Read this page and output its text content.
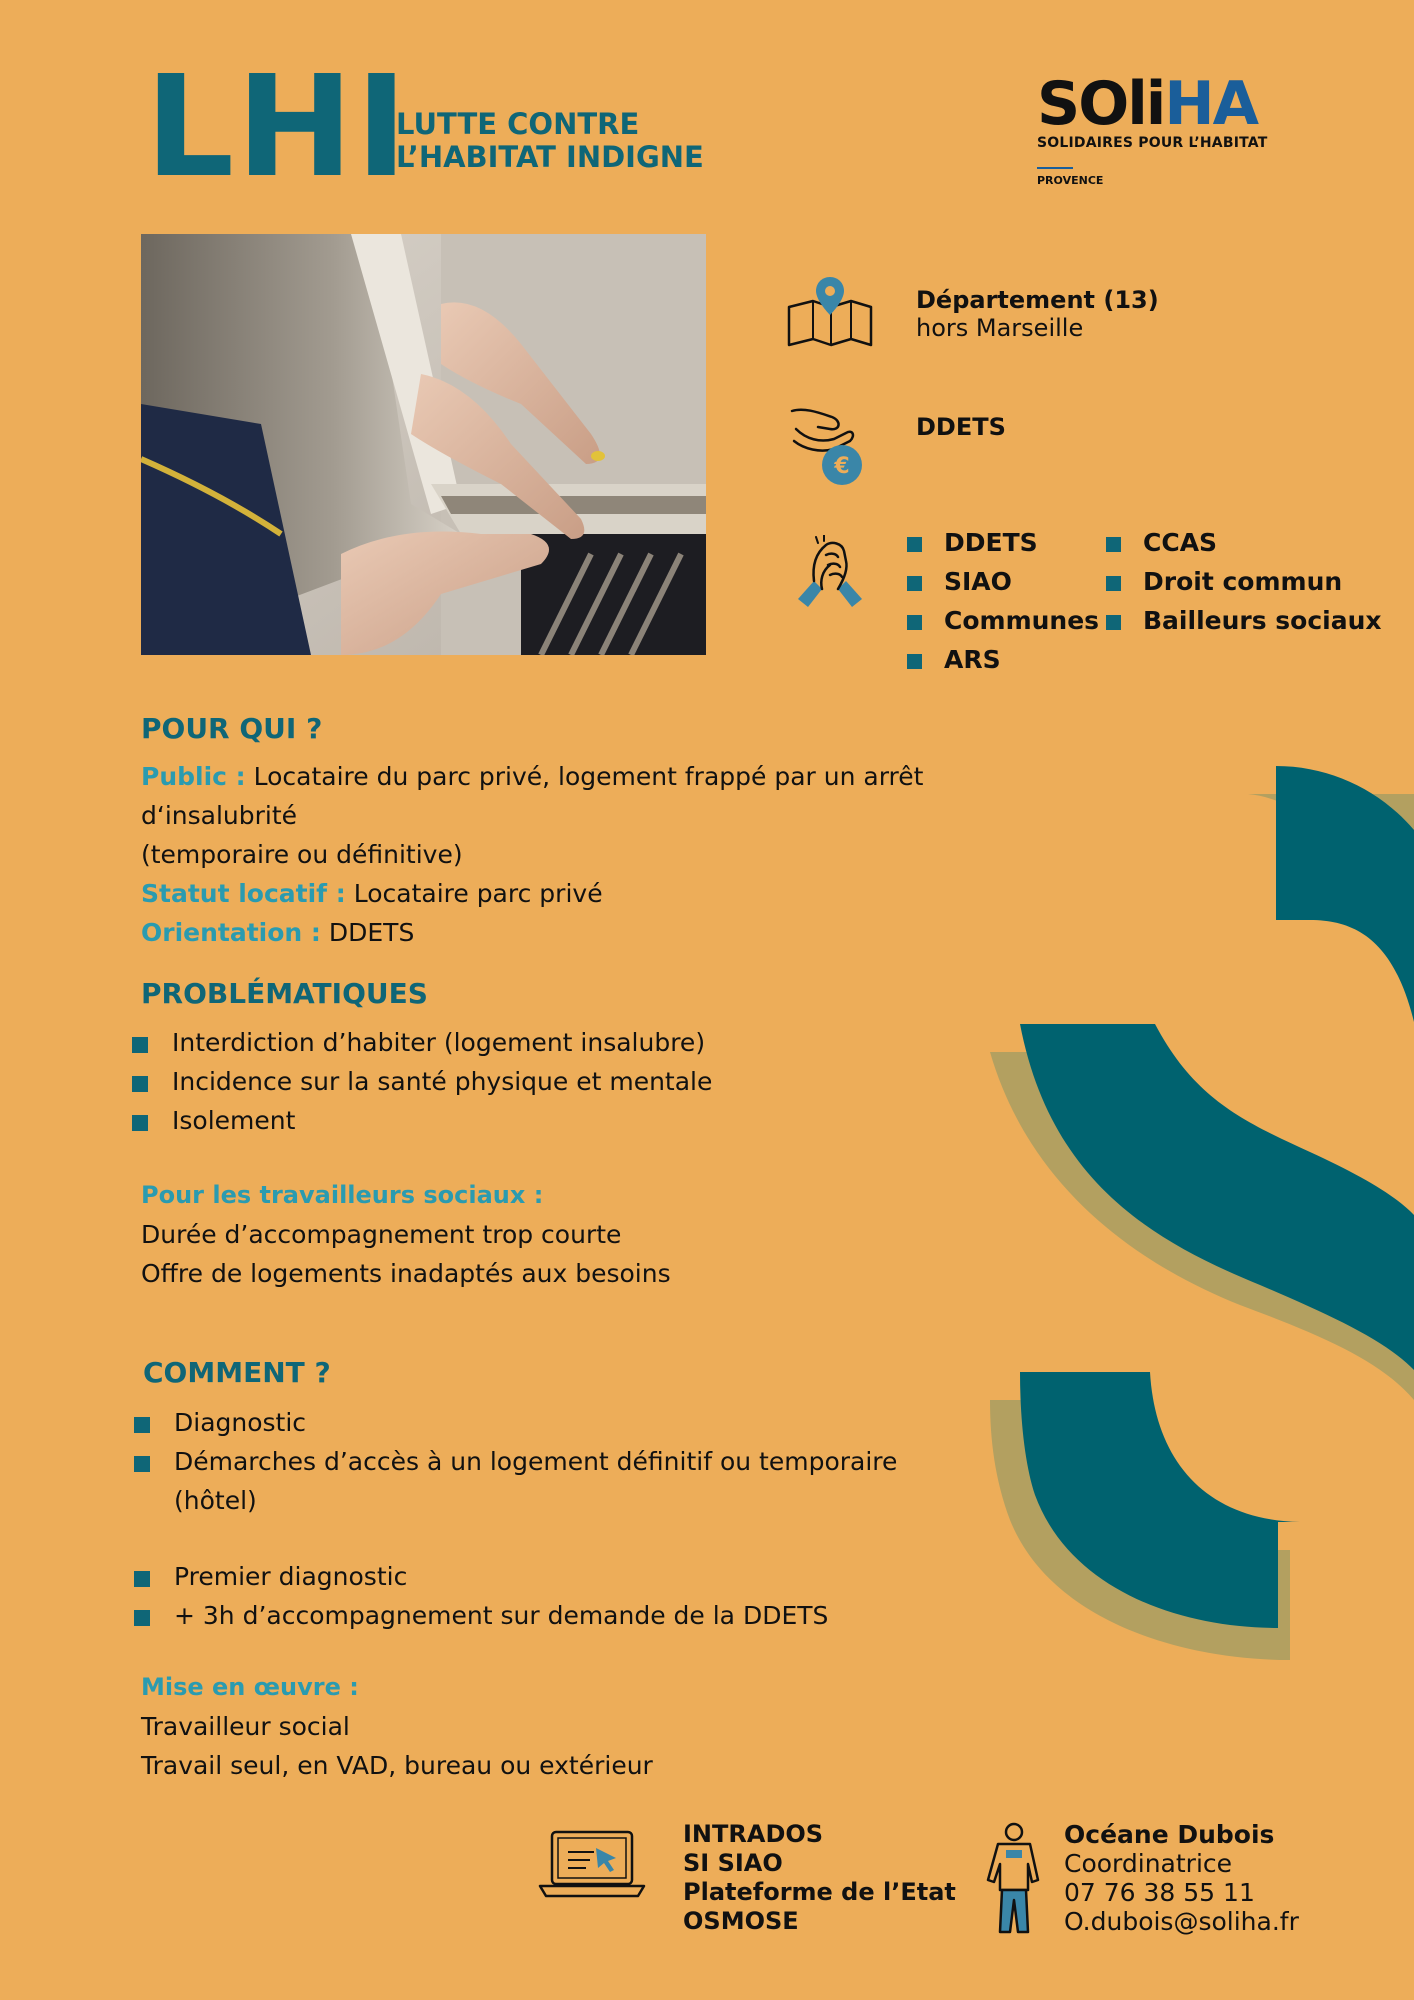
LHI
LUTTE CONTRE
L’HABITAT INDIGNE
SOliHA
SOLIDAIRES POUR L’HABITAT
PROVENCE
Département (13)
hors Marseille
€
DDETS
DDETS
SIAO
Communes
ARS
CCAS
Droit commun
Bailleurs sociaux
POUR QUI ?
Public : Locataire du parc privé, logement frappé par un arrêt d‘insalubrité
(temporaire ou définitive)
Statut locatif : Locataire parc privé
Orientation : DDETS
PROBLÉMATIQUES
Interdiction d’habiter (logement insalubre)
Incidence sur la santé physique et mentale
Isolement
Pour les travailleurs sociaux :
Durée d’accompagnement trop courte
Offre de logements inadaptés aux besoins
COMMENT ?
Diagnostic
Démarches d’accès à un logement définitif ou temporaire
(hôtel)
Premier diagnostic
+ 3h d’accompagnement sur demande de la DDETS
Mise en œuvre :
Travailleur social
Travail seul, en VAD, bureau ou extérieur
INTRADOS
SI SIAO
Plateforme de l’Etat
OSMOSE
Océane Dubois
Coordinatrice
07 76 38 55 11
O.dubois@soliha.fr
